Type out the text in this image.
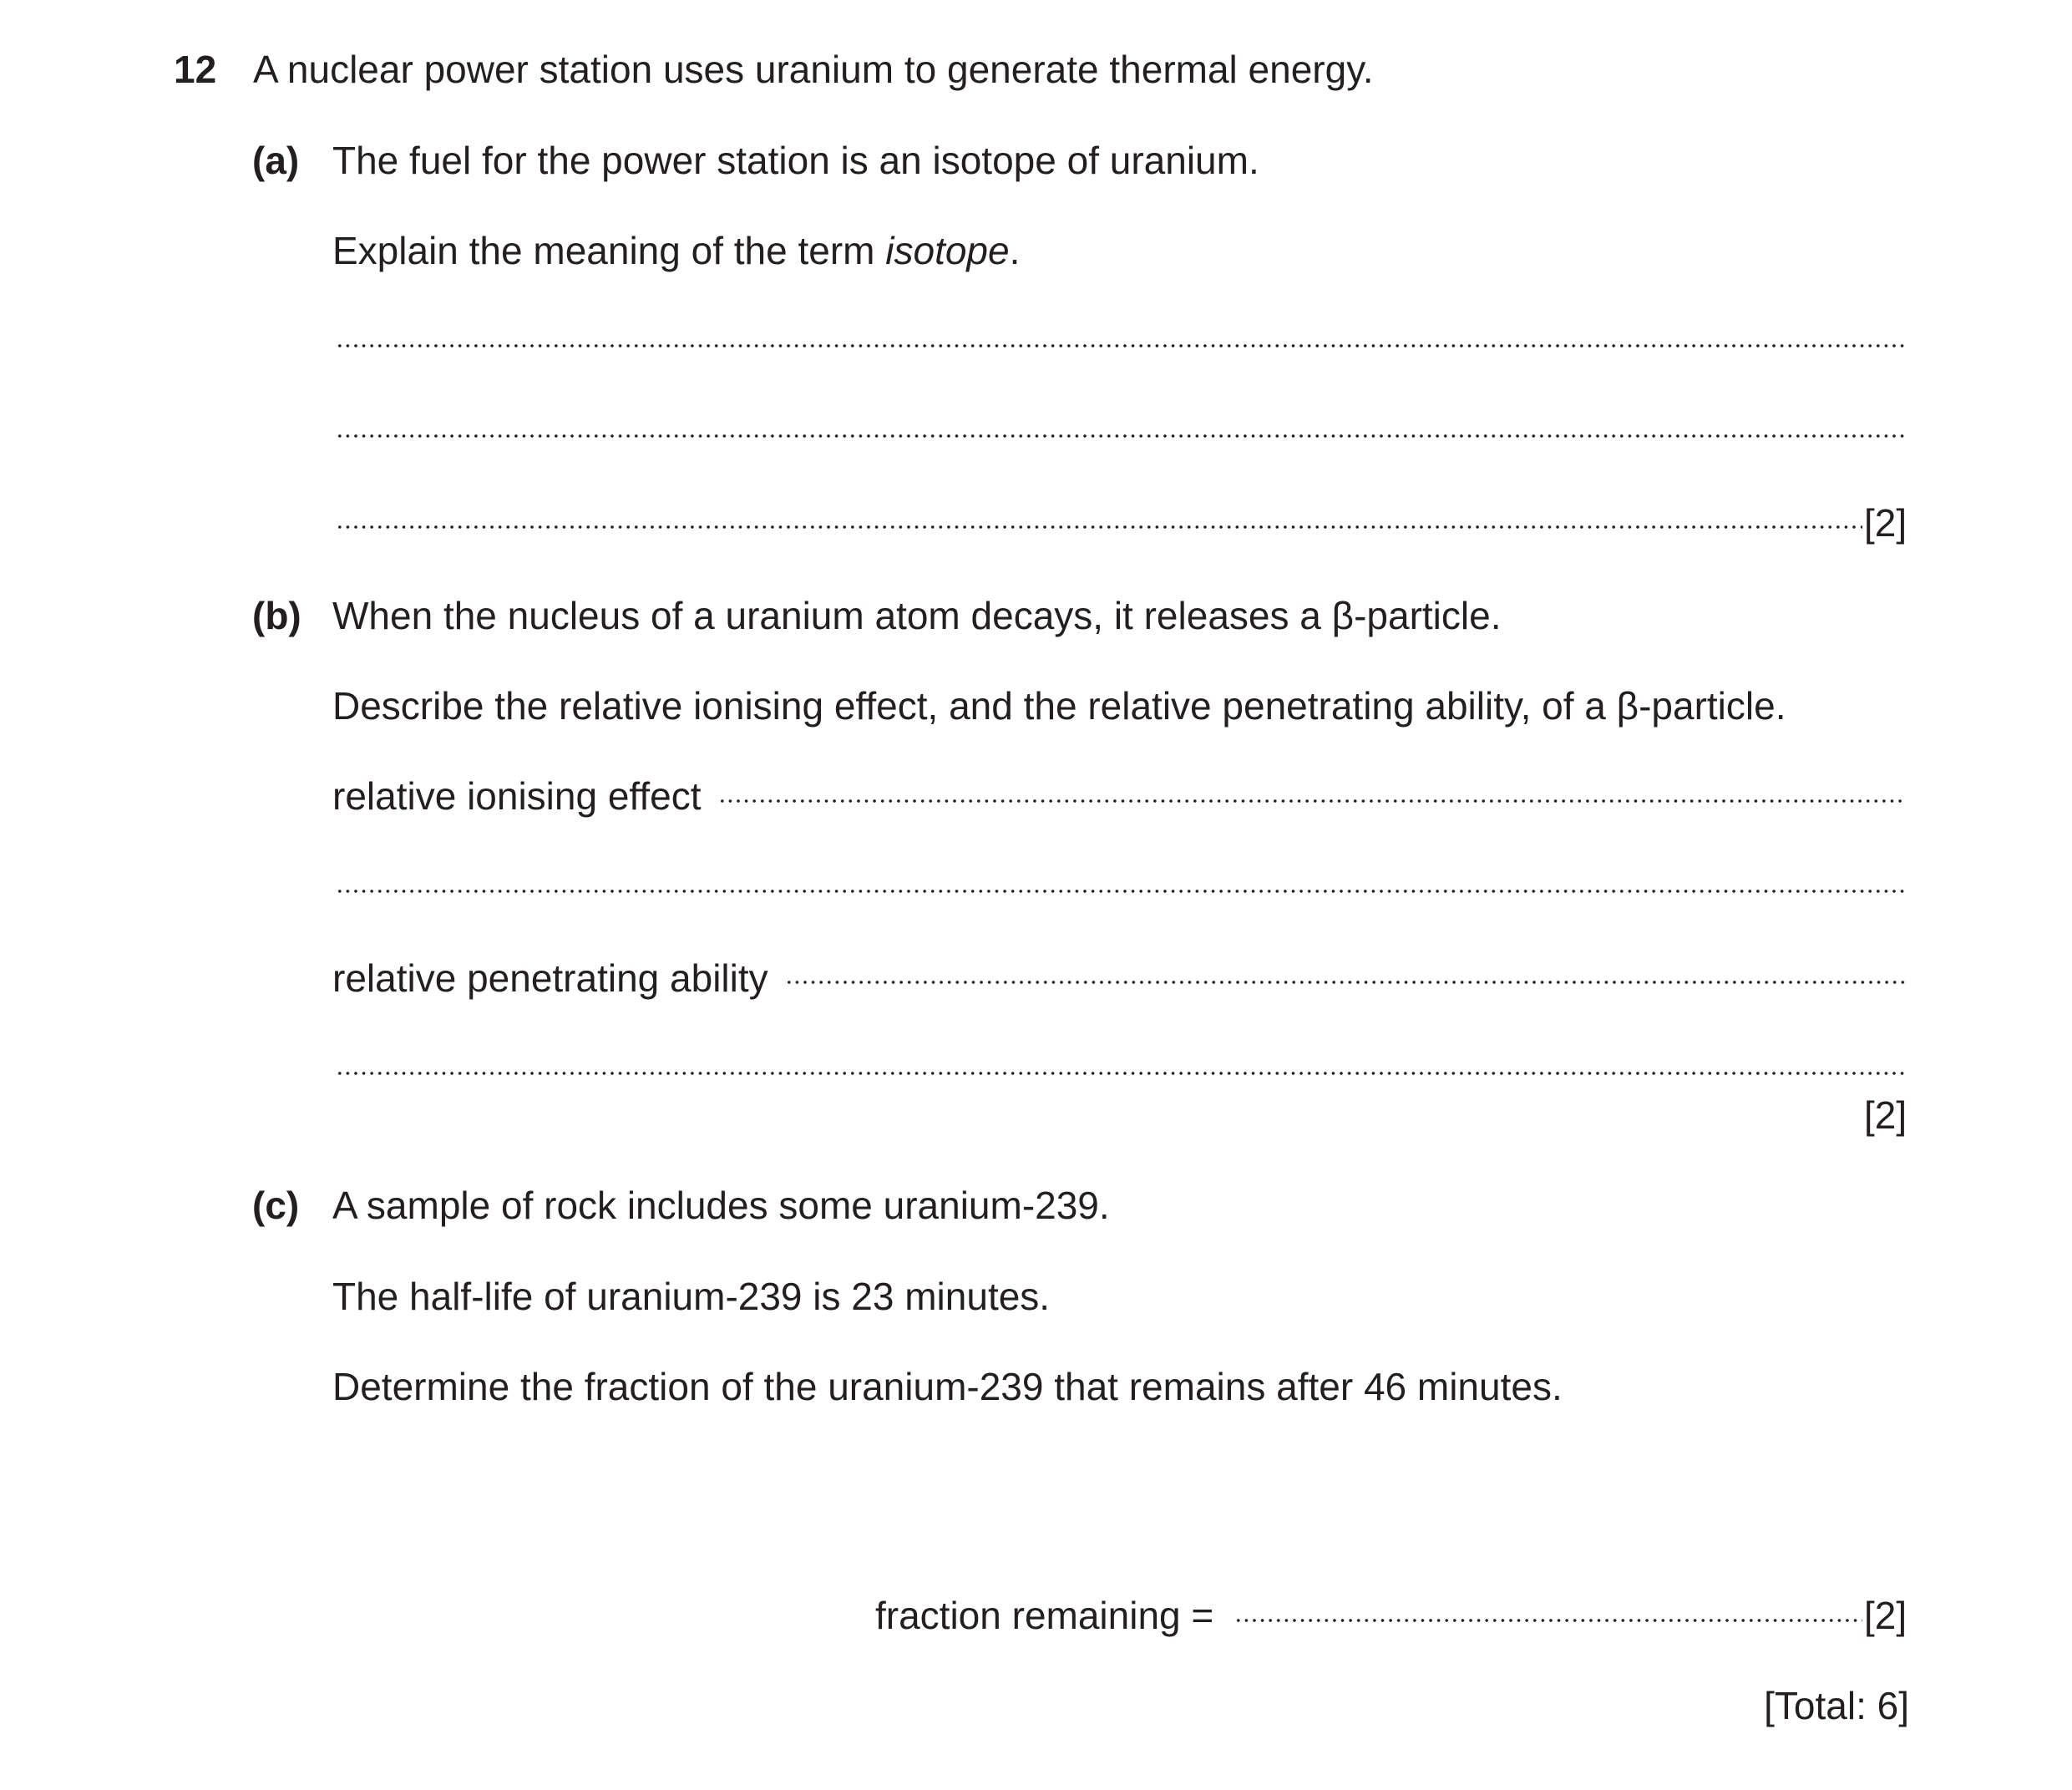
12 A nuclear power station uses uranium to generate thermal energy.
(a) The fuel for the power station is an isotope of uranium.
Explain the meaning of the term isotope.
[2]
(b) When the nucleus of a uranium atom decays, it releases a β-particle.
Describe the relative ionising effect, and the relative penetrating ability, of a β-particle.
relative ionising effect
relative penetrating ability
[2]
(c) A sample of rock includes some uranium-239.
The half-life of uranium-239 is 23 minutes.
Determine the fraction of the uranium-239 that remains after 46 minutes.
fraction remaining =	[2]
[Total: 6]
